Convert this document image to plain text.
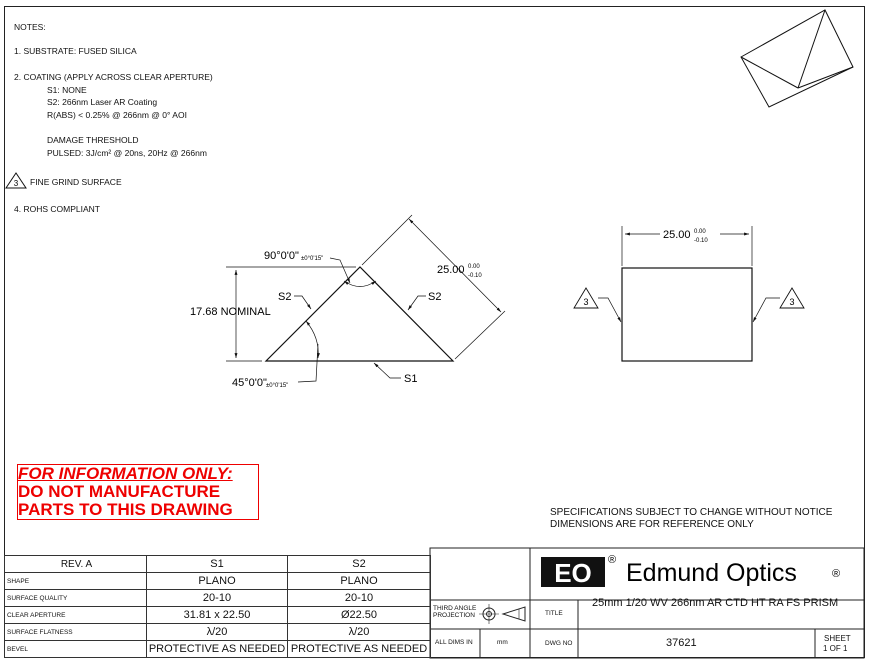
NOTES:
1. SUBSTRATE: FUSED SILICA
2. COATING (APPLY ACROSS CLEAR APERTURE)
S1: NONE
S2: 266nm Laser AR Coating
R(ABS) < 0.25% @ 266nm @ 0° AOI
DAMAGE THRESHOLD
PULSED: 3J/cm² @ 20ns, 20Hz @ 266nm
FINE GRIND SURFACE
4. ROHS COMPLIANT
3
17.68 NOMINAL
25.00 0.00
-0.10
90°0'0" ±0°0'15"
45°0'0" ±0°0'15"
S2	S2
S1
25.00 0.00
-0.10
3	3
EO ® Edmund Optics	®
FOR INFORMATION ONLY:
DO NOT MANUFACTURE
PARTS TO THIS DRAWING	SPECIFICATIONS SUBJECT TO CHANGE WITHOUT NOTICE
DIMENSIONS ARE FOR REFERENCE ONLY
REV. A	S1	S2
SHAPE	PLANO	PLANO
SURFACE QUALITY	20-10	20-10
CLEAR APERTURE	31.81 x 22.50	Ø22.50
SURFACE FLATNESS	λ/20	λ/20
BEVEL	PROTECTIVE AS NEEDED	PROTECTIVE AS NEEDED
THIRD ANGLE
PROJECTION	TITLE
25mm 1/20 WV 266nm AR CTD HT RA FS PRISM
ALL DIMS IN	mm	DWG NO	37621	SHEET
1 OF 1
